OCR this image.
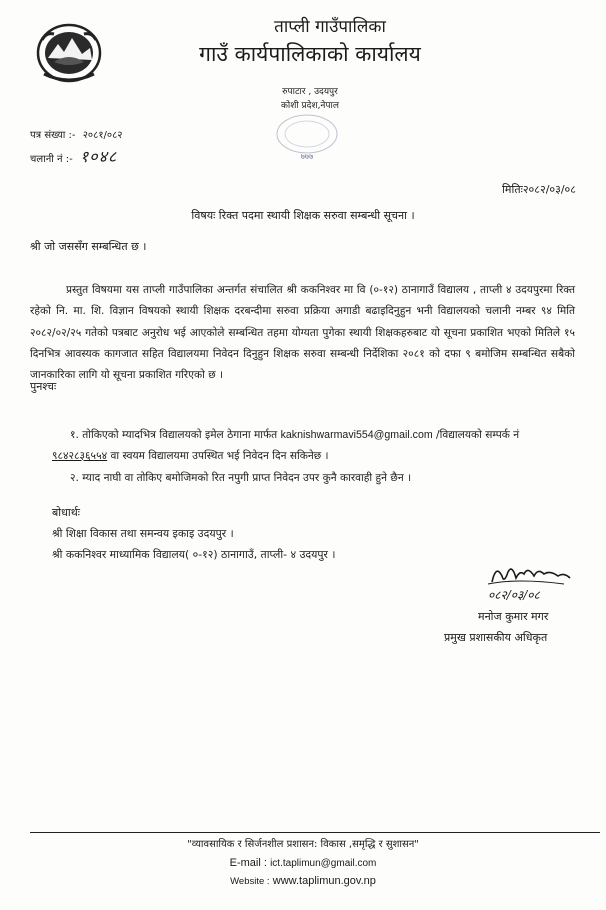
ताप्ली गाउँपालिका
गाउँ कार्यपालिकाको कार्यालय
रुपाटार , उदयपुर
कोशी प्रदेश,नेपाल
७७७
पत्र संख्या :- २०८१/०८२
चलानी नं :- १०४८
मितिः२०८२/०३/०८
विषयः रिक्त पदमा स्थायी शिक्षक सरुवा सम्बन्धी सूचना ।
श्री जो जससँग सम्बन्धित छ ।
प्रस्तुत विषयमा यस ताप्ली गाउँपालिका अन्तर्गत संचालित श्री ककनिश्वर मा वि (०-१२) ठानागाउँ विद्यालय , ताप्ली ४ उदयपुरमा रिक्त रहेको नि. मा. शि. विज्ञान विषयको स्थायी शिक्षक दरबन्दीमा सरुवा प्रक्रिया अगाडी बढाइदिनुहुन भनी विद्यालयको चलानी नम्बर ९४ मिति २०८२/०२/२५ गतेको पत्रबाट अनुरोध भई आएकोले सम्बन्धित तहमा योग्यता पुगेका स्थायी शिक्षकहरुबाट यो सूचना प्रकाशित भएको मितिले १५ दिनभित्र आवस्यक कागजात सहित विद्यालयमा निवेदन दिनुहुन शिक्षक सरुवा सम्बन्धी निर्देशिका २०८१ को दफा ९ बमोजिम सम्बन्धित सबैको जानकारिका लागि यो सूचना प्रकाशित गरिएको छ ।
पुनश्चः
१. तोकिएको म्यादभित्र विद्यालयको इमेल ठेगाना मार्फत kaknishwarmavi554@gmail.com /विद्यालयको सम्पर्क नं ९८४२८३६५५४ वा स्वयम विद्यालयमा उपस्थित भई निवेदन दिन सकिनेछ ।
२. म्याद नाघी वा तोकिए बमोजिमको रित नपुगी प्राप्त निवेदन उपर कुनै कारवाही हुने छैन ।
बोधार्थः
श्री शिक्षा विकास तथा समन्वय इकाइ उदयपुर ।
श्री ककनिश्वर माध्यामिक विद्यालय( ०-१२) ठानागाउँ, ताप्ली- ४ उदयपुर ।
०८२/०३/०८
मनोज कुमार मगर
प्रमुख प्रशासकीय अधिकृत
"व्यावसायिक र सिर्जनशील प्रशासन: विकास ,समृद्धि र सुशासन"
E-mail : ict.taplimun@gmail.com
Website : www.taplimun.gov.np
